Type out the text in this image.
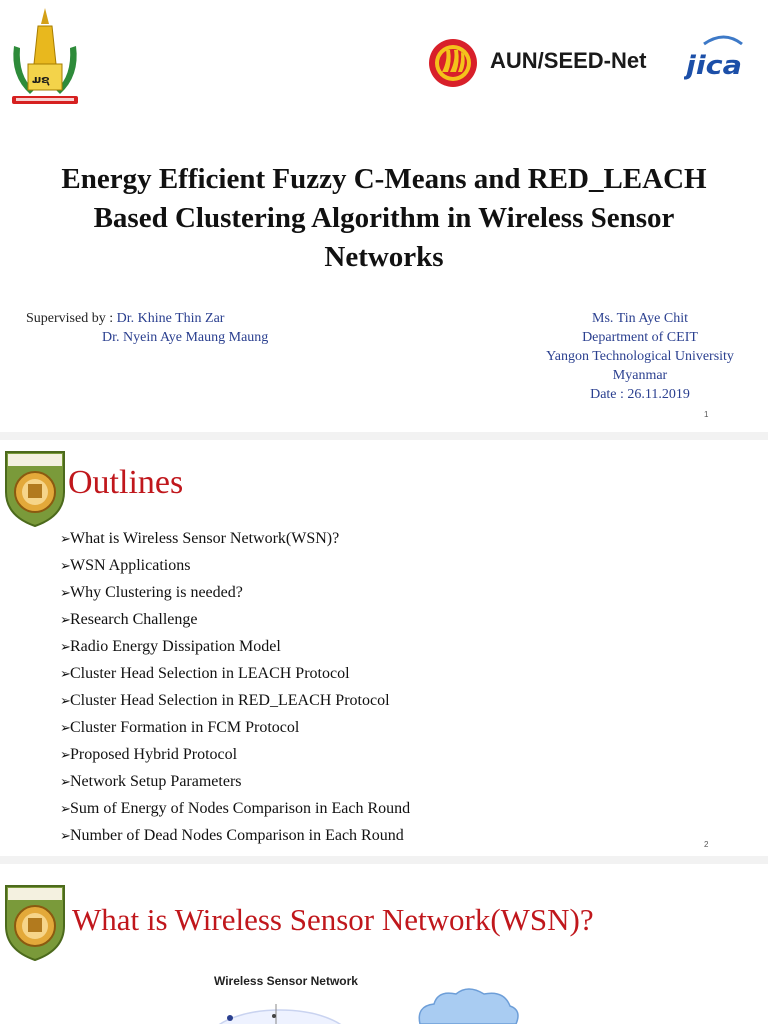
ມຊ
AUN/SEED-Net jica
Energy Efficient Fuzzy C-Means and RED_LEACH
Based Clustering Algorithm in Wireless Sensor
Networks
Supervised by : Dr. Khine Thin Zar
Dr. Nyein Aye Maung Maung
Ms. Tin Aye Chit
Department of CEIT
Yangon Technological University
Myanmar
Date : 26.11.2019
1
Outlines
➢What is Wireless Sensor Network(WSN)?
➢WSN Applications
➢Why Clustering is needed?
➢Research Challenge
➢Radio Energy Dissipation Model
➢Cluster Head Selection in LEACH Protocol
➢Cluster Head Selection in RED_LEACH Protocol
➢Cluster Formation in FCM Protocol
➢Proposed Hybrid Protocol
➢Network Setup Parameters
➢Sum of Energy of Nodes Comparison in Each Round
➢Number of Dead Nodes Comparison in Each Round
2
What is Wireless Sensor Network(WSN)?
Wireless Sensor Network
